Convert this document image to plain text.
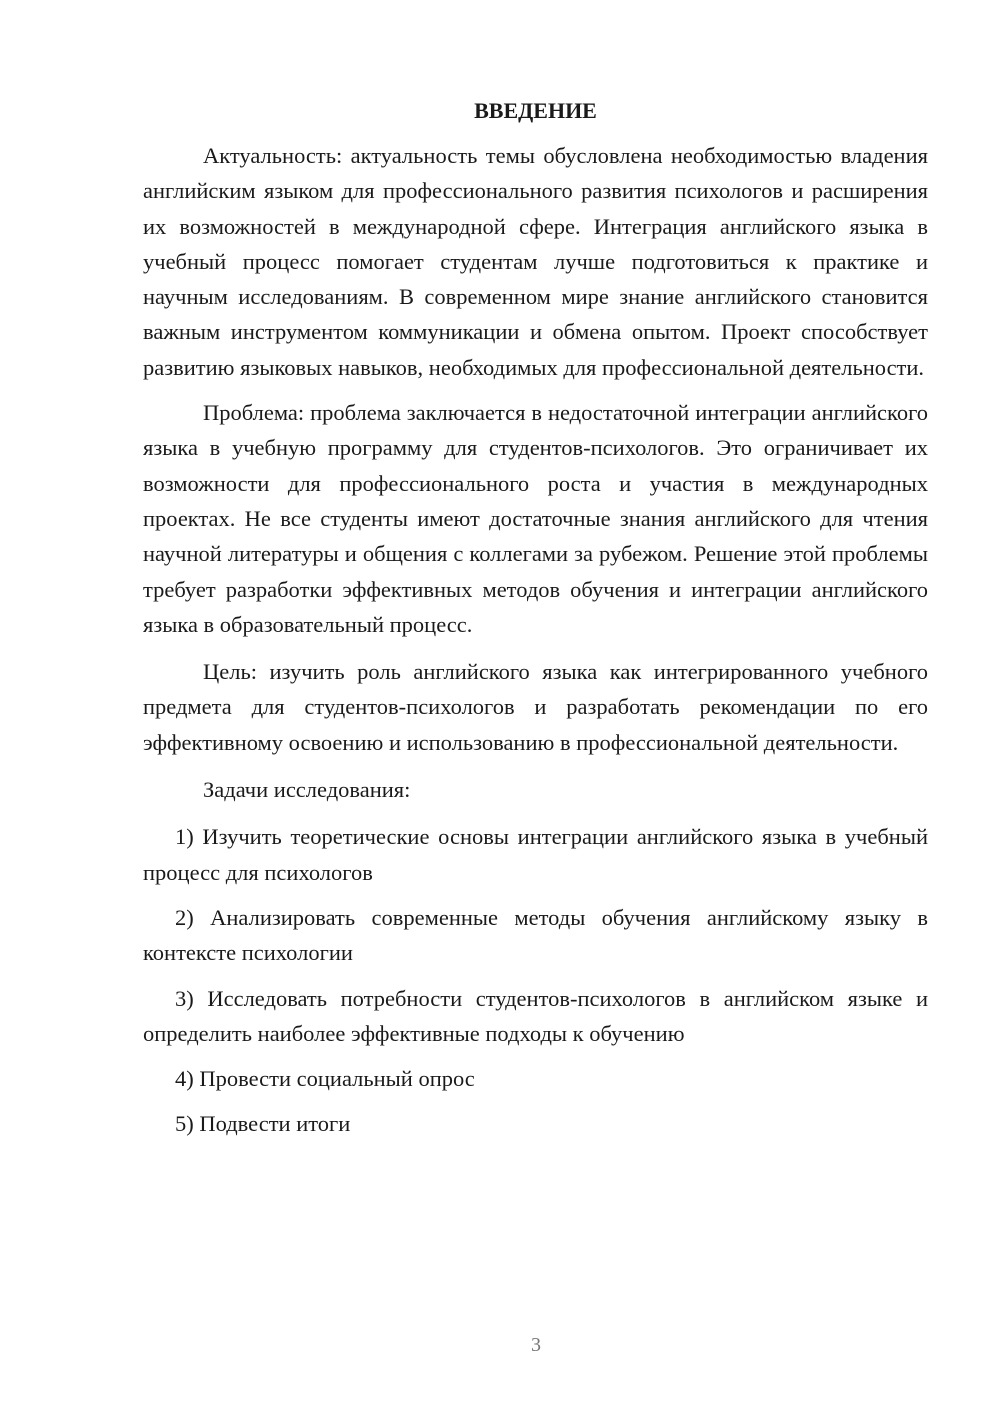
ВВЕДЕНИЕ

Актуальность: актуальность темы обусловлена необходимостью владения английским языком для профессионального развития психологов и расширения их возможностей в международной сфере. Интеграция английского языка в учебный процесс помогает студентам лучше подготовиться к практике и научным исследованиям. В современном мире знание английского становится важным инструментом коммуникации и обмена опытом. Проект способствует развитию языковых навыков, необходимых для профессиональной деятельности.

Проблема: проблема заключается в недостаточной интеграции английского языка в учебную программу для студентов-психологов. Это ограничивает их возможности для профессионального роста и участия в международных проектах. Не все студенты имеют достаточные знания английского для чтения научной литературы и общения с коллегами за рубежом. Решение этой проблемы требует разработки эффективных методов обучения и интеграции английского языка в образовательный процесс.

Цель: изучить роль английского языка как интегрированного учебного предмета для студентов-психологов и разработать рекомендации по его эффективному освоению и использованию в профессиональной деятельности.

Задачи исследования:

1) Изучить теоретические основы интеграции английского языка в учебный процесс для психологов

2) Анализировать современные методы обучения английскому языку в контексте психологии

3) Исследовать потребности студентов-психологов в английском языке и определить наиболее эффективные подходы к обучению

4) Провести социальный опрос

5) Подвести итоги

3
